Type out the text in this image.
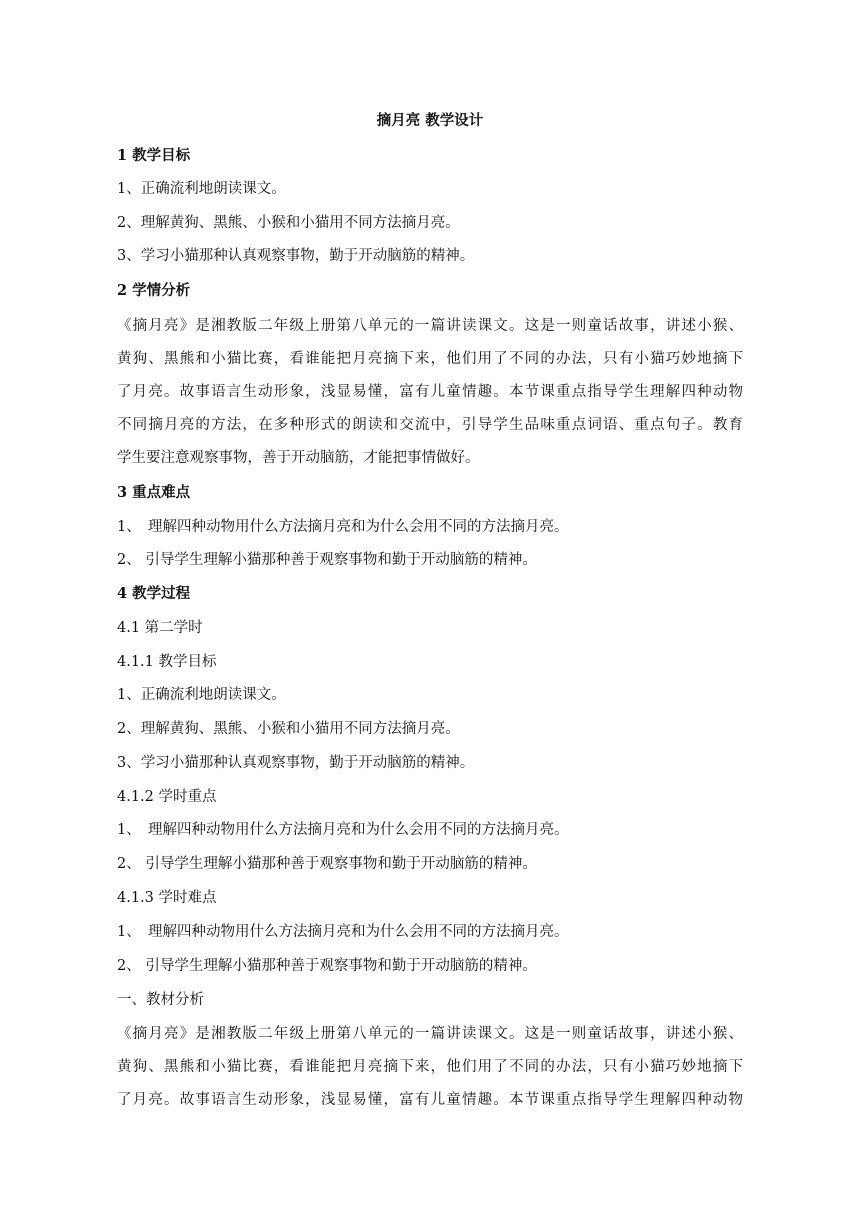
摘月亮 教学设计
1 教学目标
1、正确流利地朗读课文。
2、理解黄狗、黑熊、小猴和小猫用不同方法摘月亮。
3、学习小猫那种认真观察事物，勤于开动脑筋的精神。
2 学情分析
《摘月亮》是湘教版二年级上册第八单元的一篇讲读课文。这是一则童话故事，讲述小猴、
黄狗、黑熊和小猫比赛，看谁能把月亮摘下来，他们用了不同的办法，只有小猫巧妙地摘下
了月亮。故事语言生动形象，浅显易懂，富有儿童情趣。本节课重点指导学生理解四种动物
不同摘月亮的方法，在多种形式的朗读和交流中，引导学生品味重点词语、重点句子。教育
学生要注意观察事物，善于开动脑筋，才能把事情做好。
3 重点难点
1、　理解四种动物用什么方法摘月亮和为什么会用不同的方法摘月亮。
2、 引导学生理解小猫那种善于观察事物和勤于开动脑筋的精神。
4 教学过程
4.1 第二学时
4.1.1 教学目标
1、正确流利地朗读课文。
2、理解黄狗、黑熊、小猴和小猫用不同方法摘月亮。
3、学习小猫那种认真观察事物，勤于开动脑筋的精神。
4.1.2 学时重点
1、　理解四种动物用什么方法摘月亮和为什么会用不同的方法摘月亮。
2、 引导学生理解小猫那种善于观察事物和勤于开动脑筋的精神。
4.1.3 学时难点
1、　理解四种动物用什么方法摘月亮和为什么会用不同的方法摘月亮。
2、 引导学生理解小猫那种善于观察事物和勤于开动脑筋的精神。
一、教材分析
《摘月亮》是湘教版二年级上册第八单元的一篇讲读课文。这是一则童话故事，讲述小猴、
黄狗、黑熊和小猫比赛，看谁能把月亮摘下来，他们用了不同的办法，只有小猫巧妙地摘下
了月亮。故事语言生动形象，浅显易懂，富有儿童情趣。本节课重点指导学生理解四种动物
